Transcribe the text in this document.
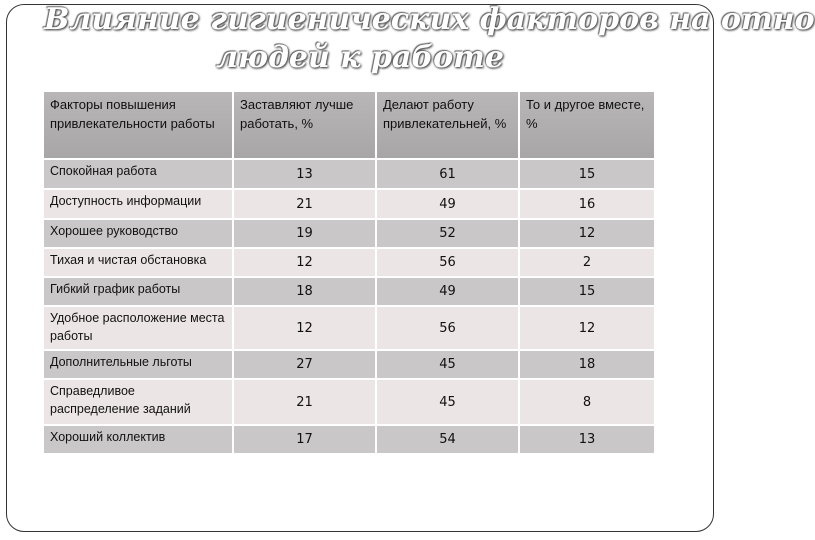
Влияние гигиенических факторов на отно
людей к работе
Факторы повышения привлекательности работы	Заставляют лучше работать, %	Делают работу привлекательней, %	То и другое вместе, %
Спокойная работа	13	61	15
Доступность информации	21	49	16
Хорошее руководство	19	52	12
Тихая и чистая обстановка	12	56	2
Гибкий график работы	18	49	15
Удобное расположение места работы	12	56	12
Дополнительные льготы	27	45	18
Справедливое распределение заданий	21	45	8
Хороший коллектив	17	54	13
